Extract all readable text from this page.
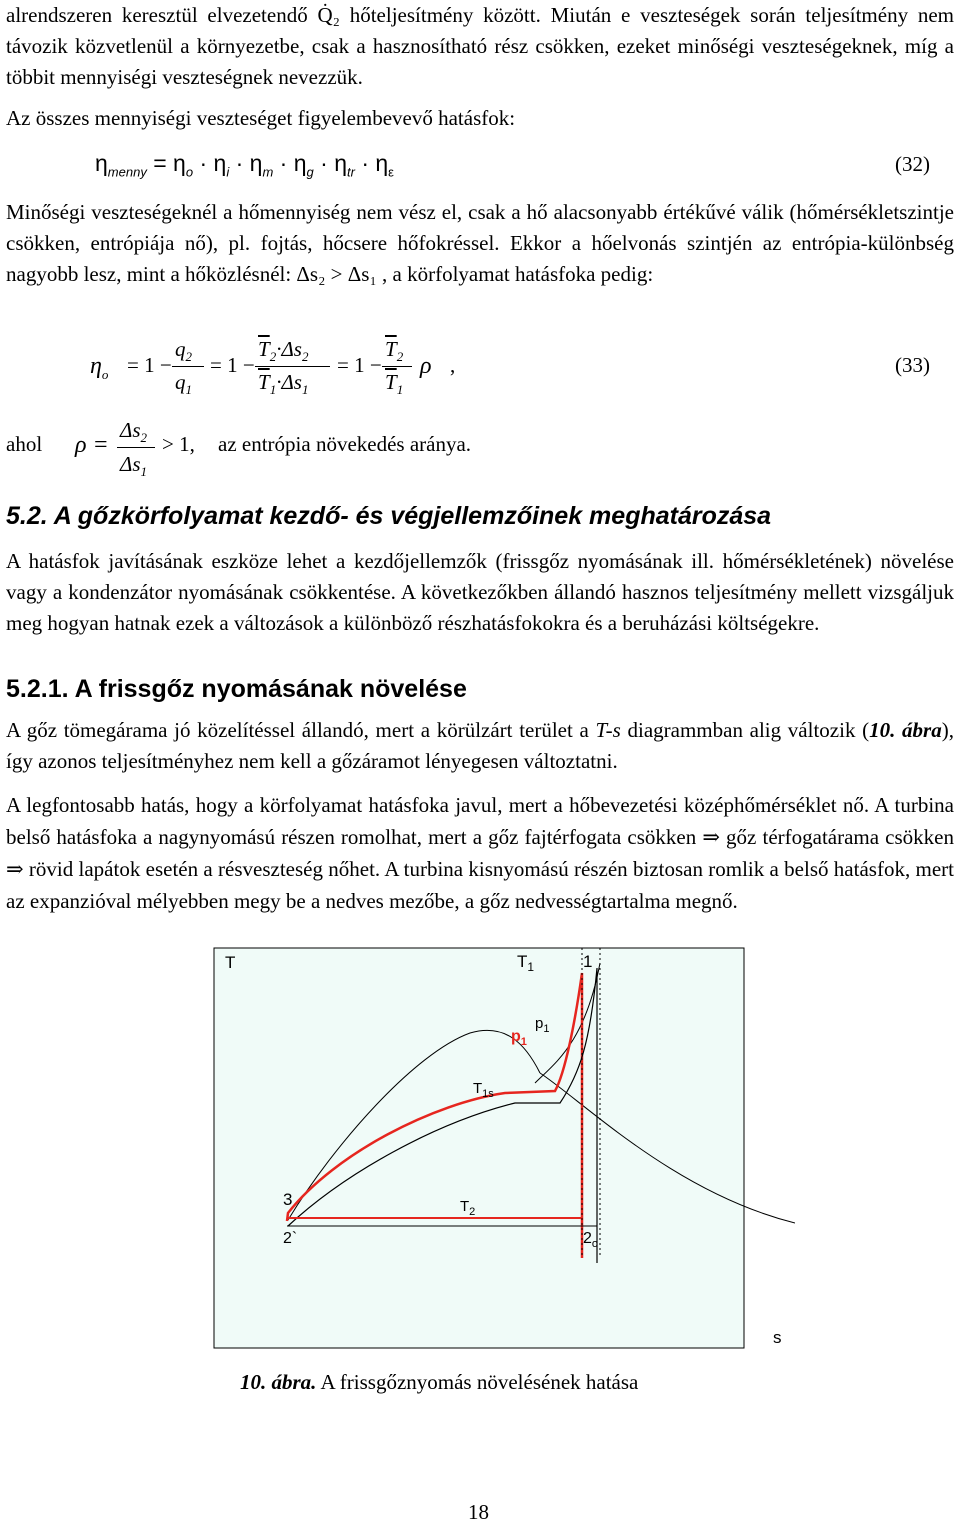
alrendszeren keresztül elvezetendő Q̇₂ hőteljesítmény között. Miután e veszteségek során teljesítmény nem távozik közvetlenül a környezetbe, csak a hasznosítható rész csökken, ezeket minőségi veszteségeknek, míg a többit mennyiségi veszteségnek nevezzük.
Az összes mennyiségi veszteséget figyelembevevő hatásfok:
$\eta_{menny} = \eta_o \cdot \eta_i \cdot \eta_m \cdot \eta_g \cdot \eta_{tr} \cdot \eta_\varepsilon$	(32)
Minőségi veszteségeknél a hőmennyiség nem vész el, csak a hő alacsonyabb értékűvé válik (hőmérsékletszintje csökken, entrópiája nő), pl. fojtás, hőcsere hőfokréssel. Ekkor a hőelvonás szintjén az entrópia-különbség nagyobb lesz, mint a hőközlésnél: Δs₂ > Δs₁ , a körfolyamat hatásfoka pedig:
$\eta_o = 1$ −
$q_2$
$q_1$
= 1 −
$\overline{T}_2\cdot\Delta s_2$
$\overline{T}_1\cdot\Delta s_1$
= 1 −
$\overline{T}_2$
$\overline{T}_1$
ρ ,	(33)
ahol ρ =
$\Delta s_2$
$\Delta s_1$
> 1, az entrópia növekedés aránya.
5.2. A gőzkörfolyamat kezdő- és végjellemzőinek meghatározása
A hatásfok javításának eszköze lehet a kezdőjellemzők (frissgőz nyomásának ill. hőmérsékletének) növelése vagy a kondenzátor nyomásának csökkentése. A következőkben állandó hasznos teljesítmény mellett vizsgáljuk meg hogyan hatnak ezek a változások a különböző részhatásfokokra és a beruházási költségekre.
5.2.1. A frissgőz nyomásának növelése
A gőz tömegárama jó közelítéssel állandó, mert a körülzárt terület a T-s diagrammban alig változik (10. ábra), így azonos teljesítményhez nem kell a gőzáramot lényegesen változtatni.
A legfontosabb hatás, hogy a körfolyamat hatásfoka javul, mert a hőbevezetési középhőmérséklet nő. A turbina belső hatásfoka a nagynyomású részen romolhat, mert a gőz fajtérfogata csökken ⇒ gőz térfogatárama csökken ⇒ rövid lapátok esetén a résveszteség nőhet. A turbina kisnyomású részén biztosan romlik a belső hatásfok, mert az expanzióval mélyebben megy be a nedves mezőbe, a gőz nedvességtartalma megnő.
T	$T_1$	1
$p_1$
$p_1$
$T_{1s}$
3	$T_2$
2`	$2_o$
s
10. ábra. A frissgőznyomás növelésének hatása
18
